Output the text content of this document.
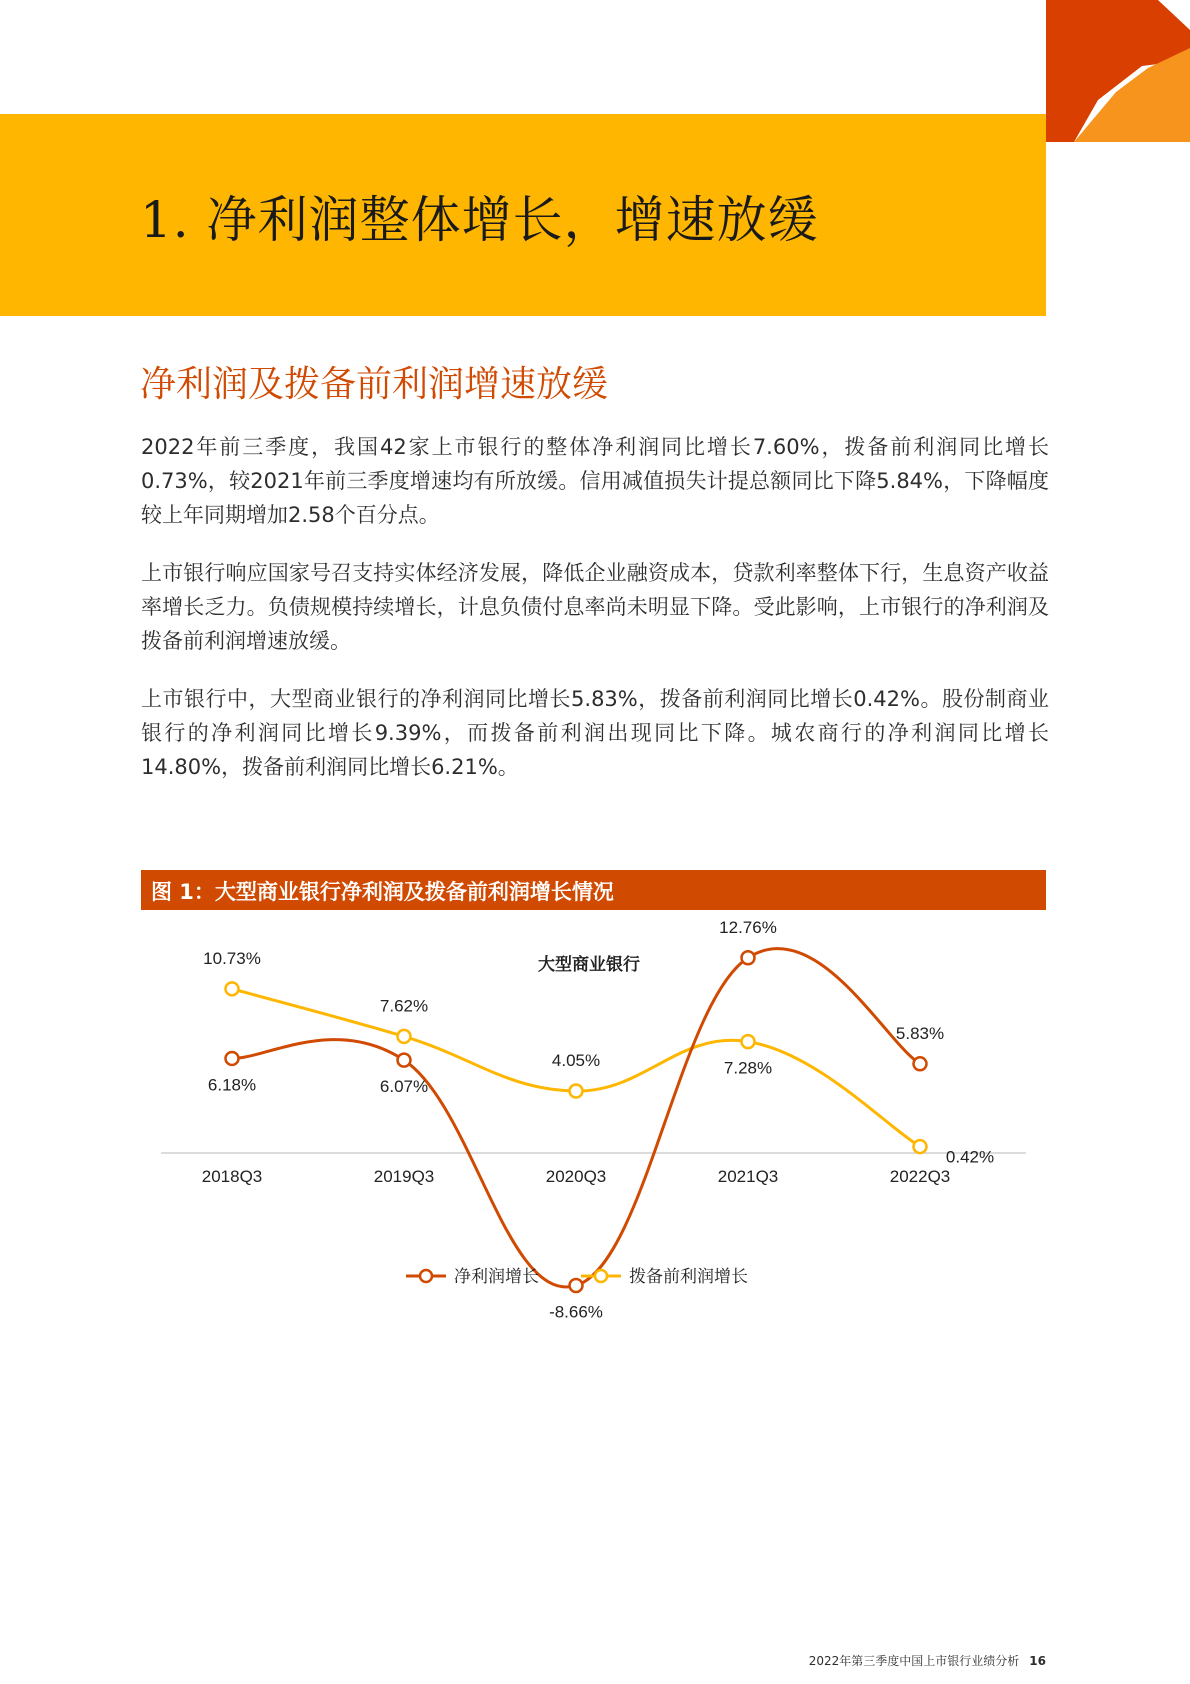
1. 净利润整体增长，增速放缓
净利润及拨备前利润增速放缓

2022年前三季度，我国42家上市银行的整体净利润同比增长7.60%，拨备前利润同比增长0.73%，较2021年前三季度增速均有所放缓。信用减值损失计提总额同比下降5.84%，下降幅度较上年同期增加2.58个百分点。

上市银行响应国家号召支持实体经济发展，降低企业融资成本，贷款利率整体下行，生息资产收益率增长乏力。负债规模持续增长，计息负债付息率尚未明显下降。受此影响，上市银行的净利润及拨备前利润增速放缓。

上市银行中，大型商业银行的净利润同比增长5.83%，拨备前利润同比增长0.42%。股份制商业银行的净利润同比增长9.39%，而拨备前利润出现同比下降。城农商行的净利润同比增长14.80%，拨备前利润同比增长6.21%。

图 1：大型商业银行净利润及拨备前利润增长情况
大型商业银行
2018Q3	2019Q3	2020Q3	2021Q3	2022Q3
10.73%
7.62%
4.05%	7.28%
0.42%
6.18%	6.07%
-8.66%
12.76%
5.83%
净利润增长	拨备前利润增长
2022年第三季度中国上市银行业绩分析 16
